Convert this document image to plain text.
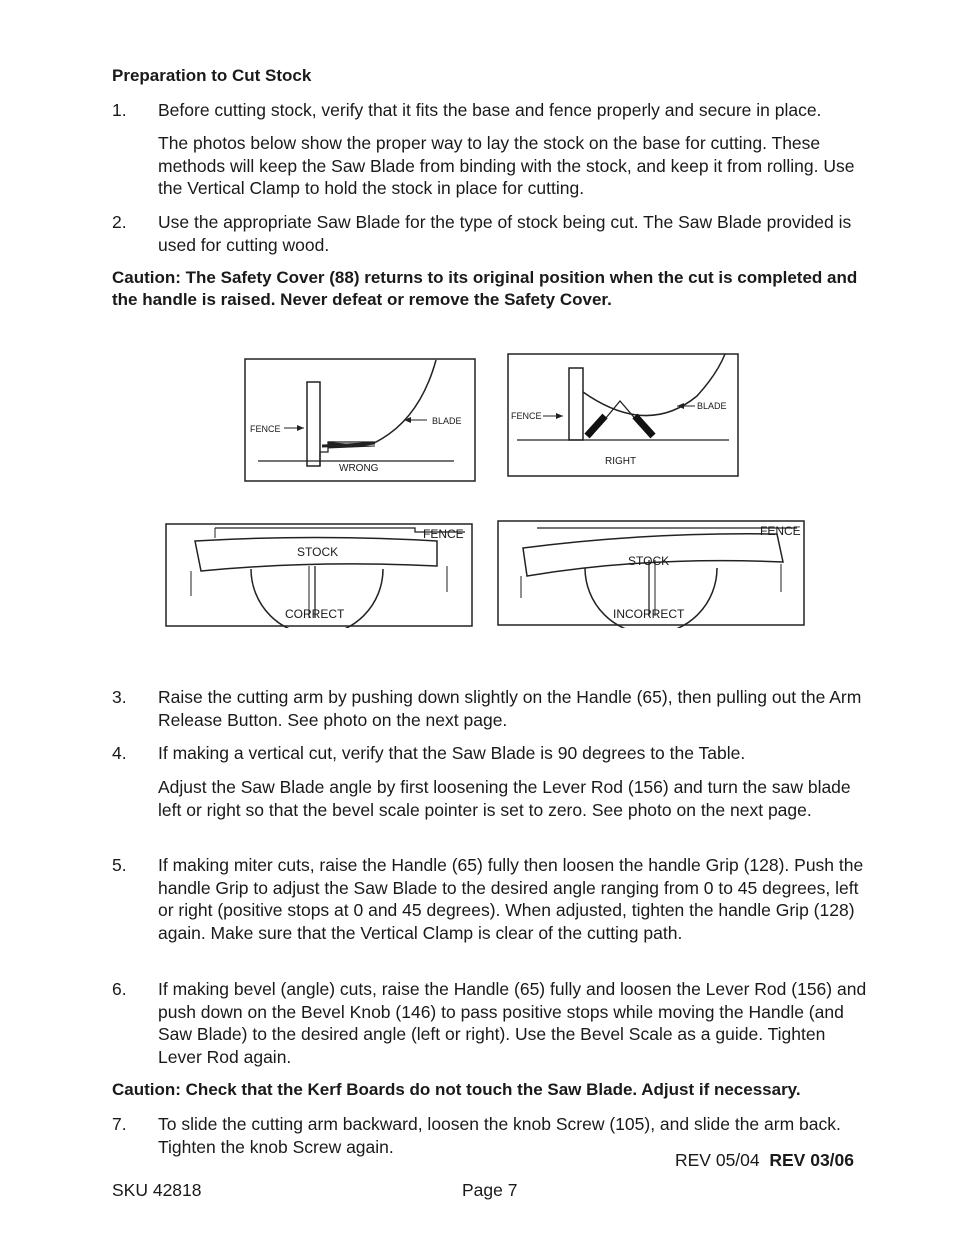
Preparation to Cut Stock
1.	Before cutting stock, verify that it fits the base and fence properly and secure in place.
The photos below show the proper way to lay the stock on the base for cutting. These methods will keep the Saw Blade from binding with the stock, and keep it from rolling. Use the Vertical Clamp to hold the stock in place for cutting.
2.	Use the appropriate Saw Blade for the type of stock being cut. The Saw Blade provided is used for cutting wood.
Caution: The Safety Cover (88) returns to its original position when the cut is completed and the handle is raised. Never defeat or remove the Safety Cover.
FENCE
BLADE
WRONG
FENCE
BLADE
RIGHT
STOCK
FENCE
CORRECT
STOCK
FENCE
INCORRECT
3.	Raise the cutting arm by pushing down slightly on the Handle (65), then pulling out the Arm Release Button. See photo on the next page.
4.	If making a vertical cut, verify that the Saw Blade is 90 degrees to the Table.
Adjust the Saw Blade angle by first loosening the Lever Rod (156) and turn the saw blade left or right so that the bevel scale pointer is set to zero. See photo on the next page.
5.	If making miter cuts, raise the Handle (65) fully then loosen the handle Grip (128). Push the handle Grip to adjust the Saw Blade to the desired angle ranging from 0 to 45 degrees, left or right (positive stops at 0 and 45 degrees). When adjusted, tighten the handle Grip (128) again. Make sure that the Vertical Clamp is clear of the cutting path.
6.	If making bevel (angle) cuts, raise the Handle (65) fully and loosen the Lever Rod (156) and push down on the Bevel Knob (146) to pass positive stops while moving the Handle (and Saw Blade) to the desired angle (left or right). Use the Bevel Scale as a guide. Tighten Lever Rod again.
Caution: Check that the Kerf Boards do not touch the Saw Blade. Adjust if necessary.
7.	To slide the cutting arm backward, loosen the knob Screw (105), and slide the arm back. Tighten the knob Screw again.
REV 05/04 REV 03/06
SKU 42818	Page 7
